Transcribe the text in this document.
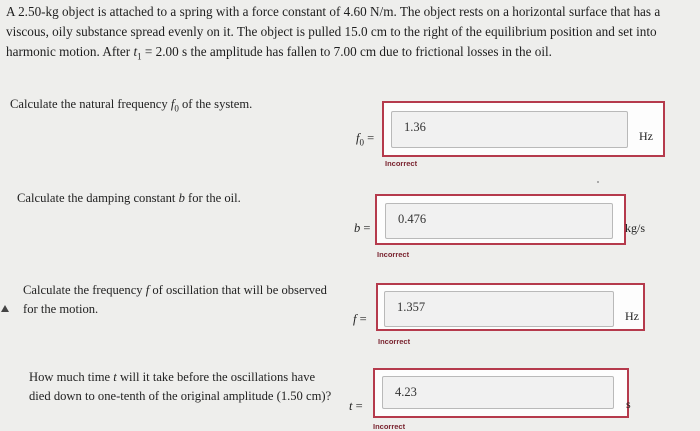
A 2.50-kg object is attached to a spring with a force constant of 4.60 N/m. The object rests on a horizontal surface that has a viscous, oily substance spread evenly on it. The object is pulled 15.0 cm to the right of the equilibrium position and set into harmonic motion. After $t_1 = 2.00$ s the amplitude has fallen to 7.00 cm due to frictional losses in the oil.
Calculate the natural frequency $f_0$ of the system.
$f_0$ =
1.36
Hz
Incorrect
Calculate the damping constant b for the oil.
b =
0.476
kg/s
Incorrect
Calculate the frequency f of oscillation that will be observed for the motion.
f =
1.357
Hz
Incorrect
How much time t will it take before the oscillations have died down to one-tenth of the original amplitude (1.50 cm)?
t =
4.23
s
Incorrect
